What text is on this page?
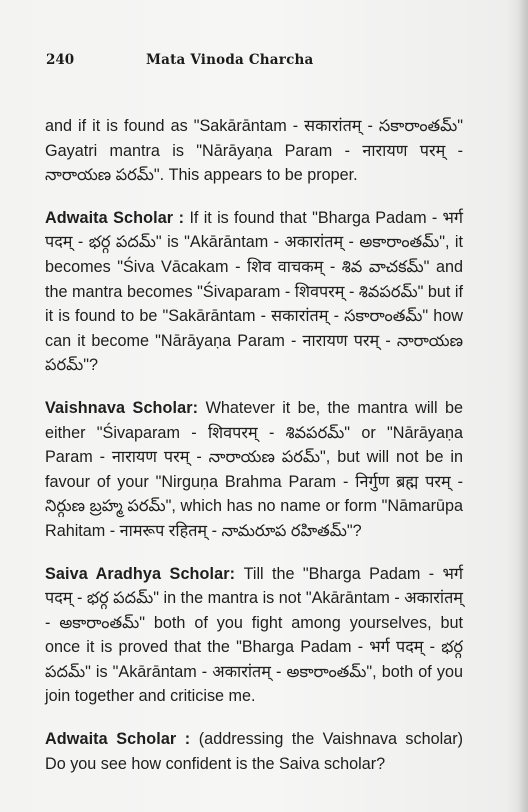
240	Mata Vinoda Charcha

and if it is found as "Sakārāntam - सकारांतम् - సకారాంతమ్" Gayatri mantra is "Nārāyaṇa Param - नारायण परम् - నారాయణ పరమ్". This appears to be proper.

Adwaita Scholar : If it is found that "Bharga Padam - भर्ग पदम् - భర్గ పదమ్" is "Akārāntam - अकारांतम् - అకారాంతమ్", it becomes "Śiva Vācakam - शिव वाचकम् - శివ వాచకమ్" and the mantra becomes "Śivaparam - शिवपरम् - శివపరమ్" but if it is found to be "Sakārāntam - सकारांतम् - సకారాంతమ్" how can it become "Nārāyaṇa Param - नारायण परम् - నారాయణ పరమ్"?

Vaishnava Scholar: Whatever it be, the mantra will be either "Śivaparam - शिवपरम् - శివపరమ్" or "Nārāyaṇa Param - नारायण परम् - నారాయణ పరమ్", but will not be in favour of your "Nirguṇa Brahma Param - निर्गुण ब्रह्म परम् - నిర్గుణ బ్రహ్మ పరమ్", which has no name or form "Nāmarūpa Rahitam - नामरूप रहितम् - నామరూప రహితమ్"?

Saiva Aradhya Scholar: Till the "Bharga Padam - भर्ग पदम् - భర్గ పదమ్" in the mantra is not "Akārāntam - अकारांतम् - అకారాంతమ్" both of you fight among yourselves, but once it is proved that the "Bharga Padam - भर्ग पदम् - భర్గ పదమ్" is "Akārāntam - अकारांतम् - అకారాంతమ్", both of you join together and criticise me.

Adwaita Scholar : (addressing the Vaishnava scholar) Do you see how confident is the Saiva scholar?
